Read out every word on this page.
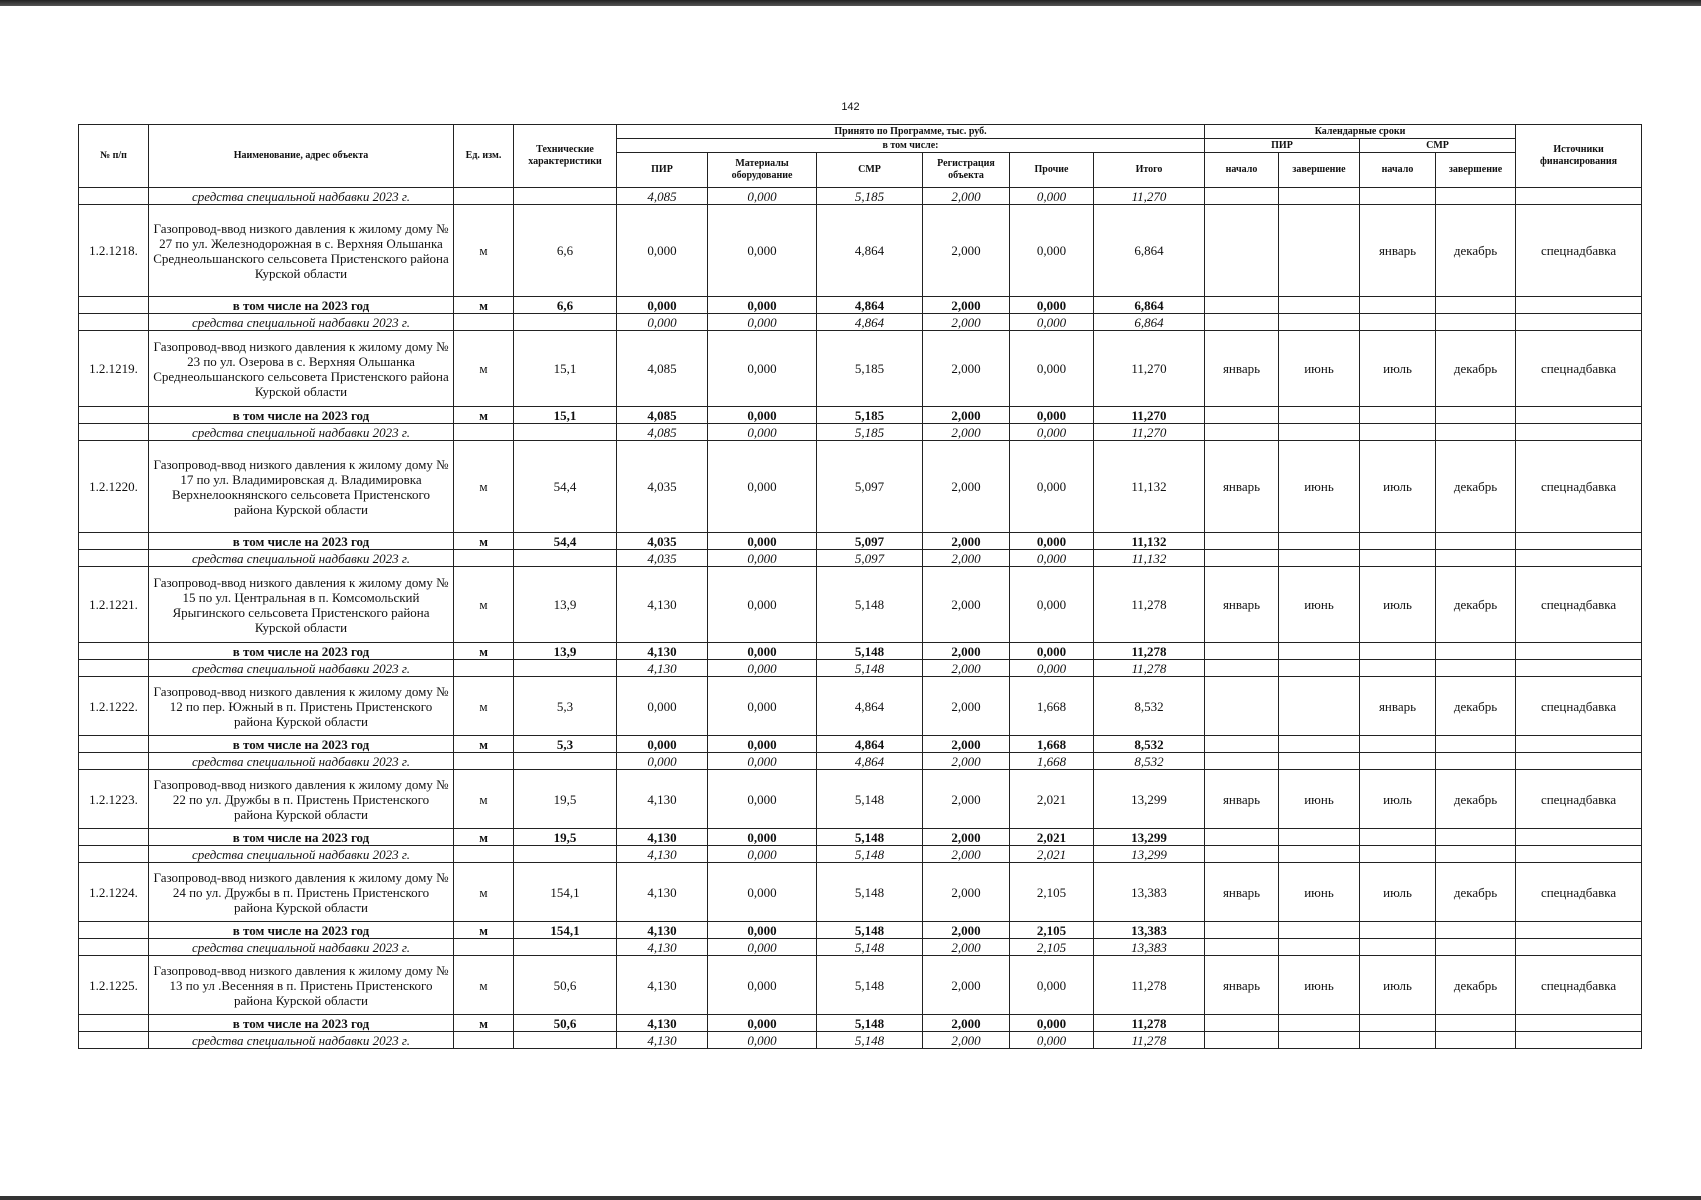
142
№ п/п	Наименование, адрес объекта	Ед. изм.	Технические характеристики	Принято по Программе, тыс. руб.						Календарные сроки				Источники финансирования
				в том числе:						ПИР		СМР		
				ПИР	Материалы оборудование	СМР	Регистрация объекта	Прочие	Итого	начало	завершение	начало	завершение	
	средства специальной надбавки 2023 г.			4,085	0,000	5,185	2,000	0,000	11,270					
1.2.1218.	Газопровод-ввод низкого давления к жилому дому № 27 по ул. Железнодорожная в с. Верхняя Ольшанка Среднеольшанского сельсовета Пристенского района Курской области	м	6,6	0,000	0,000	4,864	2,000	0,000	6,864			январь	декабрь	спецнадбавка
	в том числе на 2023 год	м	6,6	0,000	0,000	4,864	2,000	0,000	6,864					
	средства специальной надбавки 2023 г.			0,000	0,000	4,864	2,000	0,000	6,864					
1.2.1219.	Газопровод-ввод низкого давления к жилому дому № 23 по ул. Озерова в с. Верхняя Ольшанка Среднеольшанского сельсовета Пристенского района Курской области	м	15,1	4,085	0,000	5,185	2,000	0,000	11,270	январь	июнь	июль	декабрь	спецнадбавка
	в том числе на 2023 год	м	15,1	4,085	0,000	5,185	2,000	0,000	11,270					
	средства специальной надбавки 2023 г.			4,085	0,000	5,185	2,000	0,000	11,270					
1.2.1220.	Газопровод-ввод низкого давления к жилому дому № 17 по ул. Владимировская д. Владимировка Верхнелоокнянского сельсовета Пристенского района Курской области	м	54,4	4,035	0,000	5,097	2,000	0,000	11,132	январь	июнь	июль	декабрь	спецнадбавка
	в том числе на 2023 год	м	54,4	4,035	0,000	5,097	2,000	0,000	11,132					
	средства специальной надбавки 2023 г.			4,035	0,000	5,097	2,000	0,000	11,132					
1.2.1221.	Газопровод-ввод низкого давления к жилому дому № 15 по ул. Центральная в п. Комсомольский Ярыгинского сельсовета Пристенского района Курской области	м	13,9	4,130	0,000	5,148	2,000	0,000	11,278	январь	июнь	июль	декабрь	спецнадбавка
	в том числе на 2023 год	м	13,9	4,130	0,000	5,148	2,000	0,000	11,278					
	средства специальной надбавки 2023 г.			4,130	0,000	5,148	2,000	0,000	11,278					
1.2.1222.	Газопровод-ввод низкого давления к жилому дому № 12 по пер. Южный в п. Пристень Пристенского района Курской области	м	5,3	0,000	0,000	4,864	2,000	1,668	8,532			январь	декабрь	спецнадбавка
	в том числе на 2023 год	м	5,3	0,000	0,000	4,864	2,000	1,668	8,532					
	средства специальной надбавки 2023 г.			0,000	0,000	4,864	2,000	1,668	8,532					
1.2.1223.	Газопровод-ввод низкого давления к жилому дому № 22 по ул. Дружбы в п. Пристень Пристенского района Курской области	м	19,5	4,130	0,000	5,148	2,000	2,021	13,299	январь	июнь	июль	декабрь	спецнадбавка
	в том числе на 2023 год	м	19,5	4,130	0,000	5,148	2,000	2,021	13,299					
	средства специальной надбавки 2023 г.			4,130	0,000	5,148	2,000	2,021	13,299					
1.2.1224.	Газопровод-ввод низкого давления к жилому дому № 24 по ул. Дружбы в п. Пристень Пристенского района Курской области	м	154,1	4,130	0,000	5,148	2,000	2,105	13,383	январь	июнь	июль	декабрь	спецнадбавка
	в том числе на 2023 год	м	154,1	4,130	0,000	5,148	2,000	2,105	13,383					
	средства специальной надбавки 2023 г.			4,130	0,000	5,148	2,000	2,105	13,383					
1.2.1225.	Газопровод-ввод низкого давления к жилому дому № 13 по ул .Весенняя в п. Пристень Пристенского района Курской области	м	50,6	4,130	0,000	5,148	2,000	0,000	11,278	январь	июнь	июль	декабрь	спецнадбавка
	в том числе на 2023 год	м	50,6	4,130	0,000	5,148	2,000	0,000	11,278					
	средства специальной надбавки 2023 г.			4,130	0,000	5,148	2,000	0,000	11,278					
